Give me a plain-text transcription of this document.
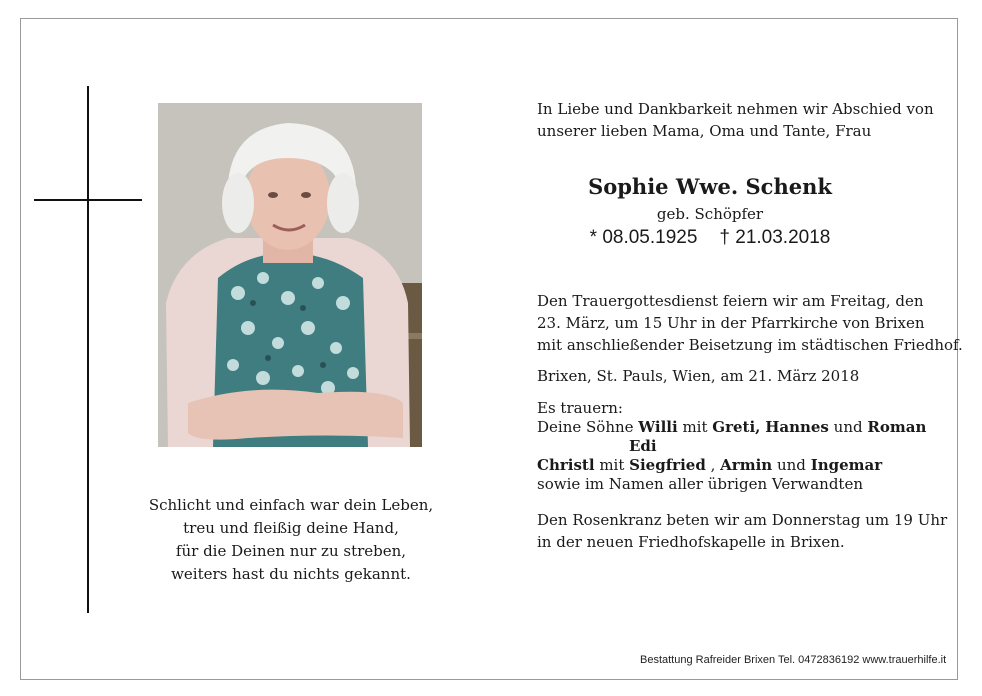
Schlicht und einfach war dein Leben,
treu und fleißig deine Hand,
für die Deinen nur zu streben,
weiters hast du nichts gekannt.
In Liebe und Dankbarkeit nehmen wir Abschied von
unserer lieben Mama, Oma und Tante, Frau
Sophie Wwe. Schenk
geb. Schöpfer
* 08.05.1925 † 21.03.2018
Den Trauergottesdienst feiern wir am Freitag, den
23. März, um 15 Uhr in der Pfarrkirche von Brixen
mit anschließender Beisetzung im städtischen Friedhof.
Brixen, St. Pauls, Wien, am 21. März 2018
Es trauern:
Deine Söhne Willi mit Greti, Hannes und Roman
Edi
Christl mit Siegfried , Armin und Ingemar
sowie im Namen aller übrigen Verwandten
Den Rosenkranz beten wir am Donnerstag um 19 Uhr
in der neuen Friedhofskapelle in Brixen.
Bestattung Rafreider Brixen Tel. 0472836192 www.trauerhilfe.it
